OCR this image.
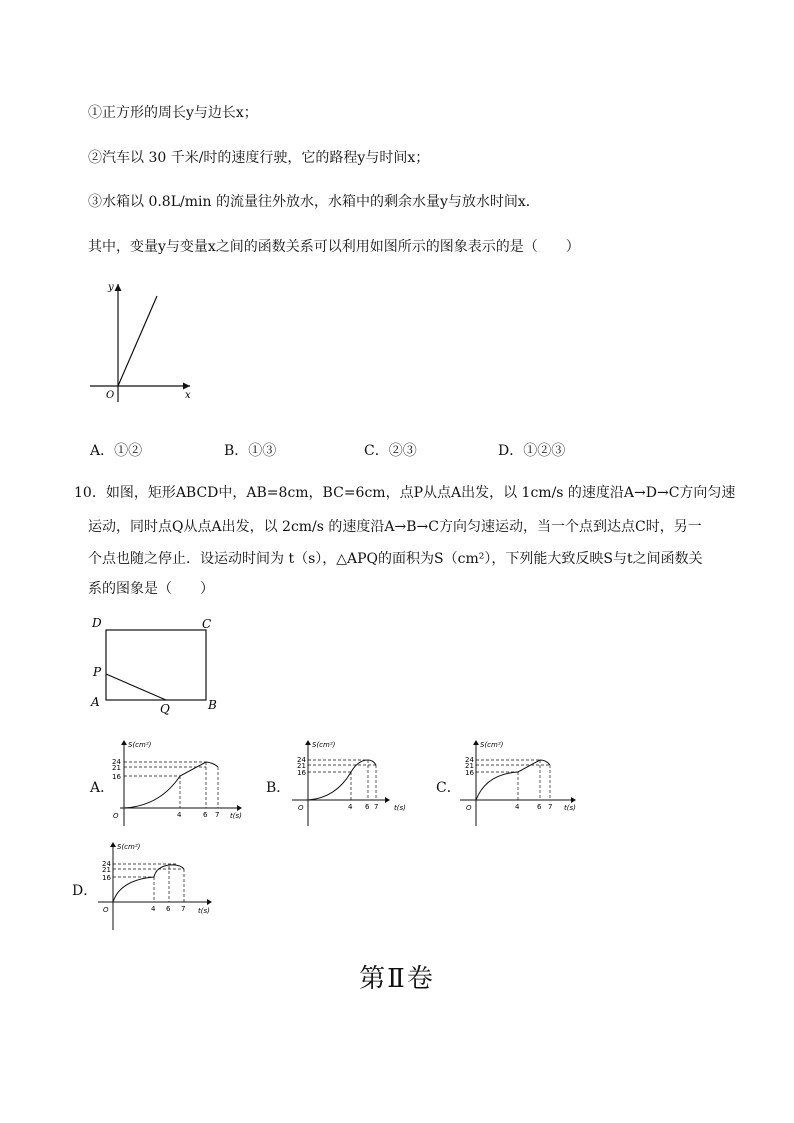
①正方形的周长y与边长x；
②汽车以 30 千米/时的速度行驶，它的路程y与时间x；
③水箱以 0.8L/min 的流量往外放水，水箱中的剩余水量y与放水时间x．
其中，变量y与变量x之间的函数关系可以利用如图所示的图象表示的是（　　）
y
x
O
A．①②	B．①③	C．②③	D．①②③
10．如图，矩形ABCD中，AB=8cm，BC=6cm，点P从点A出发，以 1cm/s 的速度沿A→D→C方向匀速
运动，同时点Q从点A出发，以 2cm/s 的速度沿A→B→C方向匀速运动，当一个点到达点C时，另一
个点也随之停止．设运动时间为 t（s），△APQ的面积为S（cm²），下列能大致反映S与t之间函数关
系的图象是（　　）
D	C
P
A	Q	B
A．
S(cm²)
24
21
16
O	4	6 7 t(s)
B．
S(cm²)
24
21
16
O	4 6 7 t(s)
C．
S(cm²)
24
21
16
O	4	6 7 t(s)
D．
S(cm²)
24
21
16
O	4 6 7 t(s)
第Ⅱ卷
